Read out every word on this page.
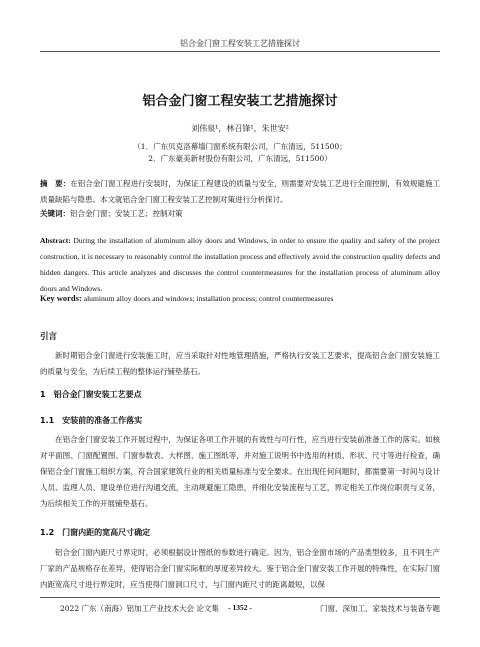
铝合金门窗工程安装工艺措施探讨
铝合金门窗工程安装工艺措施探讨
刘伟泉¹，林召锋¹，朱世安²
（1．广东贝克洛幕墙门窗系统有限公司，广东清远，511500；
2．广东豪美新材股份有限公司，广东清远，511500）
摘　要：在铝合金门窗工程进行安装时，为保证工程建设的质量与安全，则需要对安装工艺进行全面控制，有效规避施工质量缺陷与隐患。本文就铝合金门窗工程安装工艺控制对策进行分析探讨。
关键词：铝合金门窗；安装工艺；控制对策
Abstract: During the installation of aluminum alloy doors and Windows, in order to ensure the quality and safety of the project construction, it is necessary to reasonably control the installation process and effectively avoid the construction quality defects and hidden dangers. This article analyzes and discusses the control countermeasures for the installation process of aluminum alloy doors and Windows.
Key words: aluminum alloy doors and windows; installation process; control countermeasures
引言
新时期铝合金门窗进行安装施工时，应当采取针对性地管理措施，严格执行安装工艺要求，提高铝合金门窗安装施工的质量与安全，为后续工程的整体运行铺垫基石。
1　铝合金门窗安装工艺要点
1.1　安装前的准备工作落实
在铝合金门窗安装工作开展过程中，为保证各项工作开展的有效性与可行性，应当进行安装前准备工作的落实。如核对平面图、门窗配置图、门窗参数表、大样图、施工图纸等，并对施工说明书中选用的材质、形状、尺寸等进行检查，确保铝合金门窗施工组织方案，符合国家建筑行业的相关质量标准与安全要求。在出现任何问题时，都需要第一时间与设计人员、监理人员、建设单位进行沟通交流，主动规避施工隐患，并细化安装流程与工艺，界定相关工作岗位职责与义务，为后续相关工作的开展铺垫基石。
1.2　门窗内距的宽高尺寸确定
铝合金门窗内距尺寸界定时，必须根据设计图纸的参数进行确定。因为，铝合金窗市场的产品类型较多，且不同生产厂家的产品规格存在差异，使得铝合金门窗实际框的厚度差异较大。鉴于铝合金门窗安装工作开展的特殊性，在实际门窗内距宽高尺寸进行界定时，应当使得门窗洞口尺寸，与门窗内距尺寸的距离最短，以保
2022 广东（南海）铝加工产业技术大会 论文集	- 1352 -	门窗、深加工、家装技术与装备专题
